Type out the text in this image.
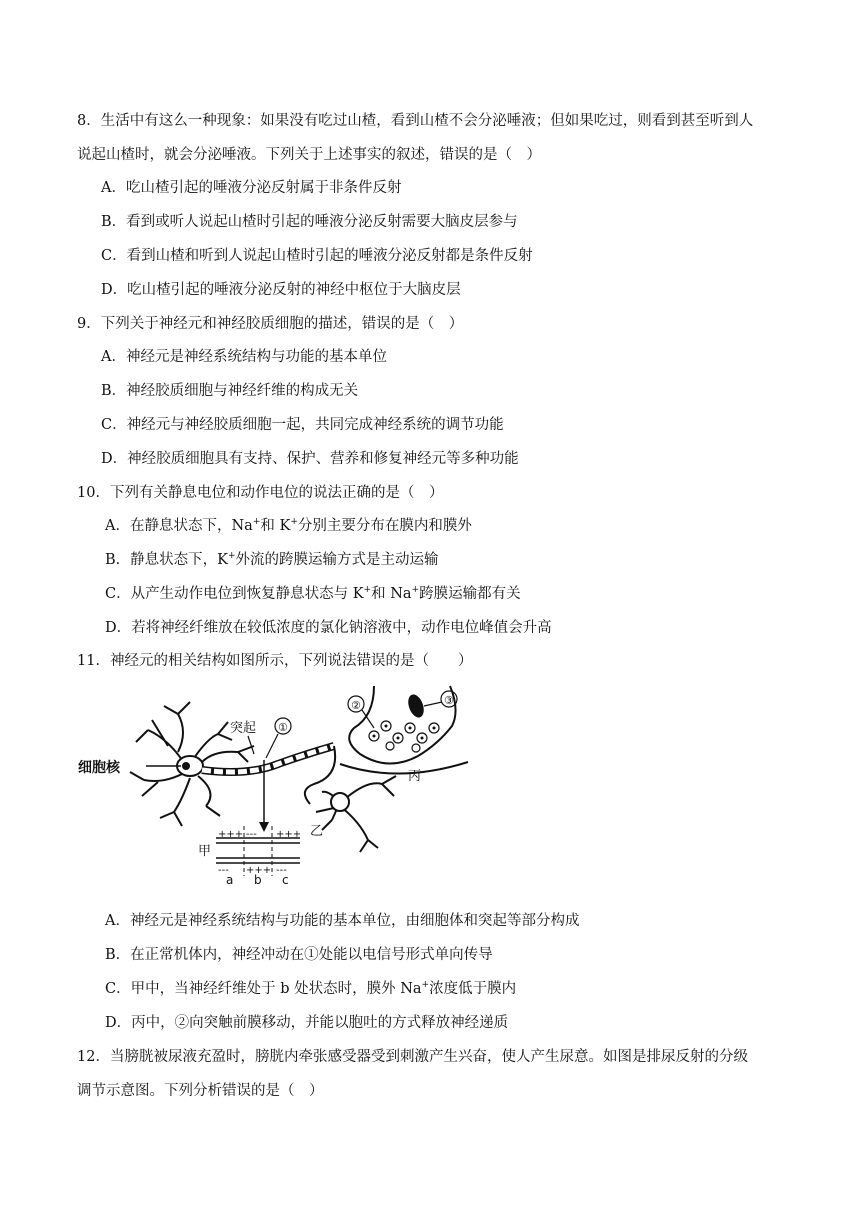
8．生活中有这么一种现象：如果没有吃过山楂，看到山楂不会分泌唾液；但如果吃过，则看到甚至听到人
说起山楂时，就会分泌唾液。下列关于上述事实的叙述，错误的是（　）
A．吃山楂引起的唾液分泌反射属于非条件反射
B．看到或听人说起山楂时引起的唾液分泌反射需要大脑皮层参与
C．看到山楂和听到人说起山楂时引起的唾液分泌反射都是条件反射
D．吃山楂引起的唾液分泌反射的神经中枢位于大脑皮层
9．下列关于神经元和神经胶质细胞的描述，错误的是（　）
A．神经元是神经系统结构与功能的基本单位
B．神经胶质细胞与神经纤维的构成无关
C．神经元与神经胶质细胞一起，共同完成神经系统的调节功能
D．神经胶质细胞具有支持、保护、营养和修复神经元等多种功能
10．下列有关静息电位和动作电位的说法正确的是（　）
A．在静息状态下，Na+和 K+分别主要分布在膜内和膜外
B．静息状态下，K+外流的跨膜运输方式是主动运输
C．从产生动作电位到恢复静息状态与 K+和 Na+跨膜运输都有关
D．若将神经纤维放在较低浓度的氯化钠溶液中，动作电位峰值会升高
11．神经元的相关结构如图所示，下列说法错误的是（　　）
细胞核
突起
+++ --- +++
--- +++ ---
甲
a b c
乙
丙
①
②	③
A．神经元是神经系统结构与功能的基本单位，由细胞体和突起等部分构成
B．在正常机体内，神经冲动在①处能以电信号形式单向传导
C．甲中，当神经纤维处于 b 处状态时，膜外 Na+浓度低于膜内
D．丙中，②向突触前膜移动，并能以胞吐的方式释放神经递质
12．当膀胱被尿液充盈时，膀胱内牵张感受器受到刺激产生兴奋，使人产生尿意。如图是排尿反射的分级
调节示意图。下列分析错误的是（　）
